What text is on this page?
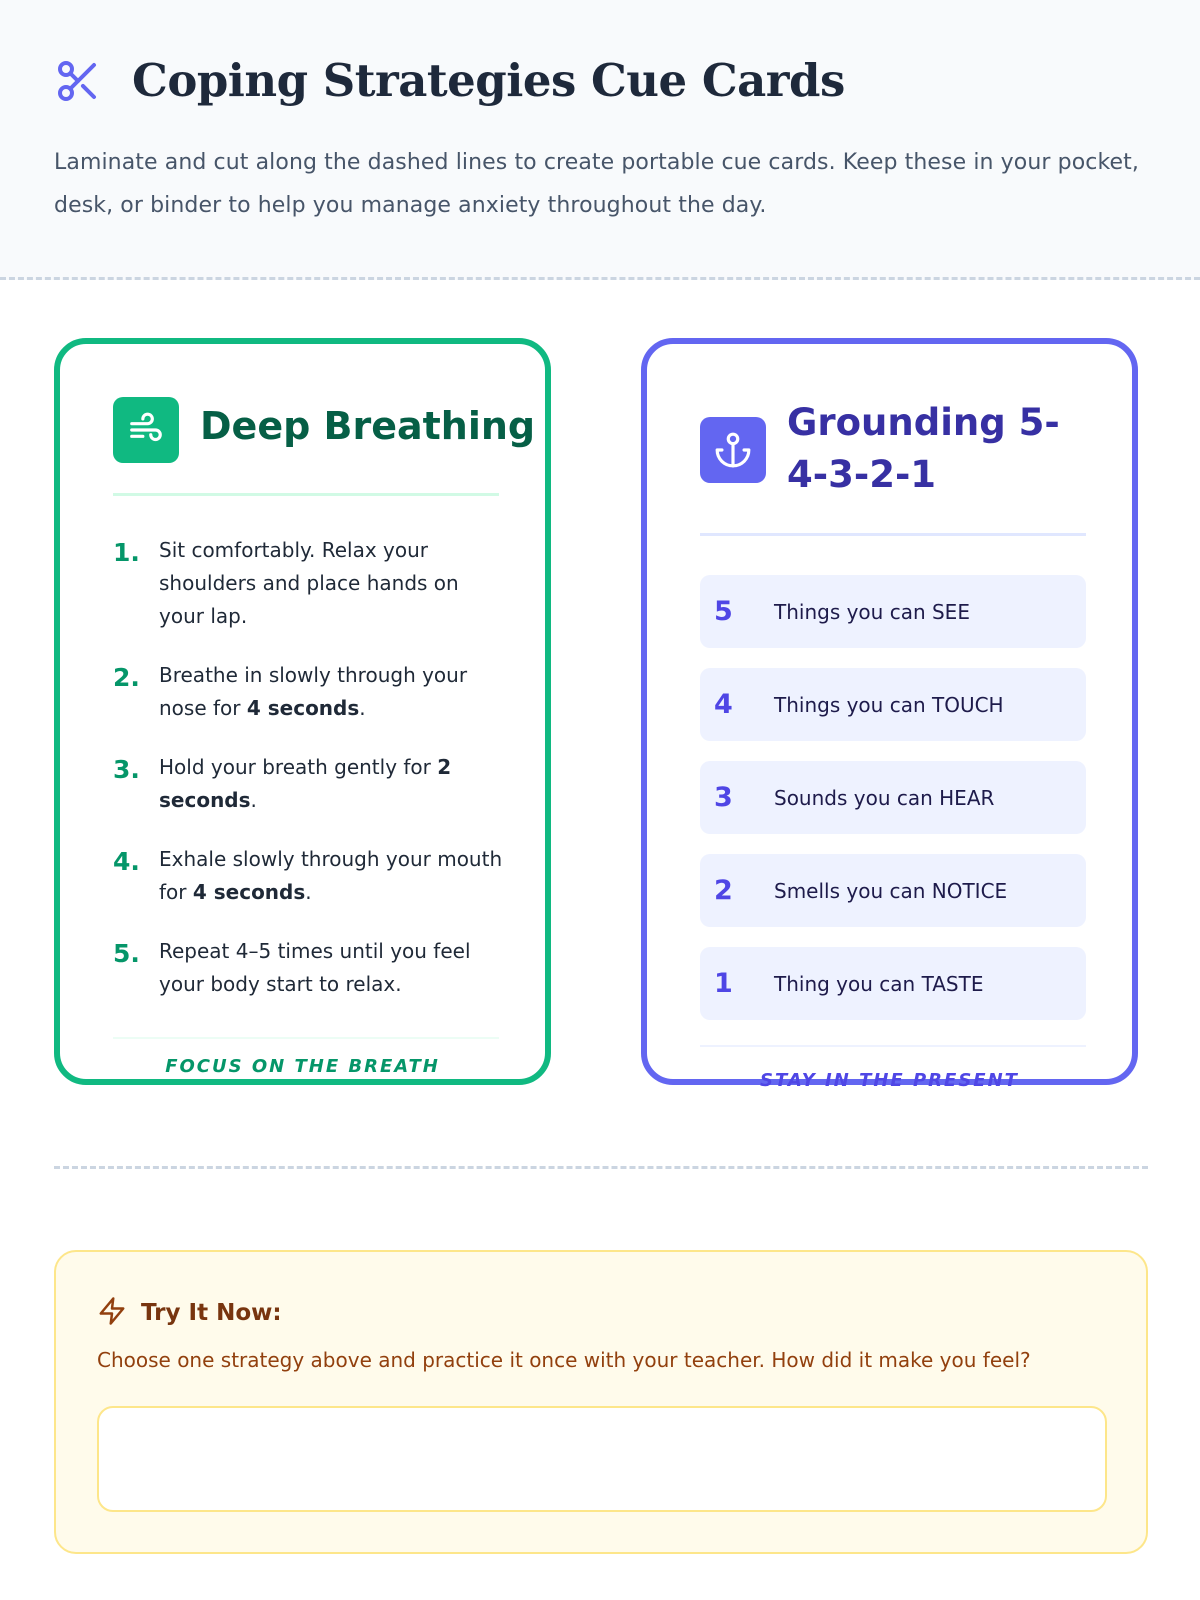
Coping Strategies Cue Cards
Laminate and cut along the dashed lines to create portable cue cards. Keep these in your pocket, desk, or binder to help you manage anxiety throughout the day.
Deep Breathing
1. Sit comfortably. Relax your shoulders and place hands on your lap.
2. Breathe in slowly through your nose for 4 seconds.
3. Hold your breath gently for 2 seconds.
4. Exhale slowly through your mouth for 4 seconds.
5. Repeat 4–5 times until you feel your body start to relax.
FOCUS ON THE BREATH
Grounding 5-4-3-2-1
5	Things you can SEE
4	Things you can TOUCH
3	Sounds you can HEAR
2	Smells you can NOTICE
1	Thing you can TASTE
STAY IN THE PRESENT
Try It Now:
Choose one strategy above and practice it once with your teacher. How did it make you feel?
